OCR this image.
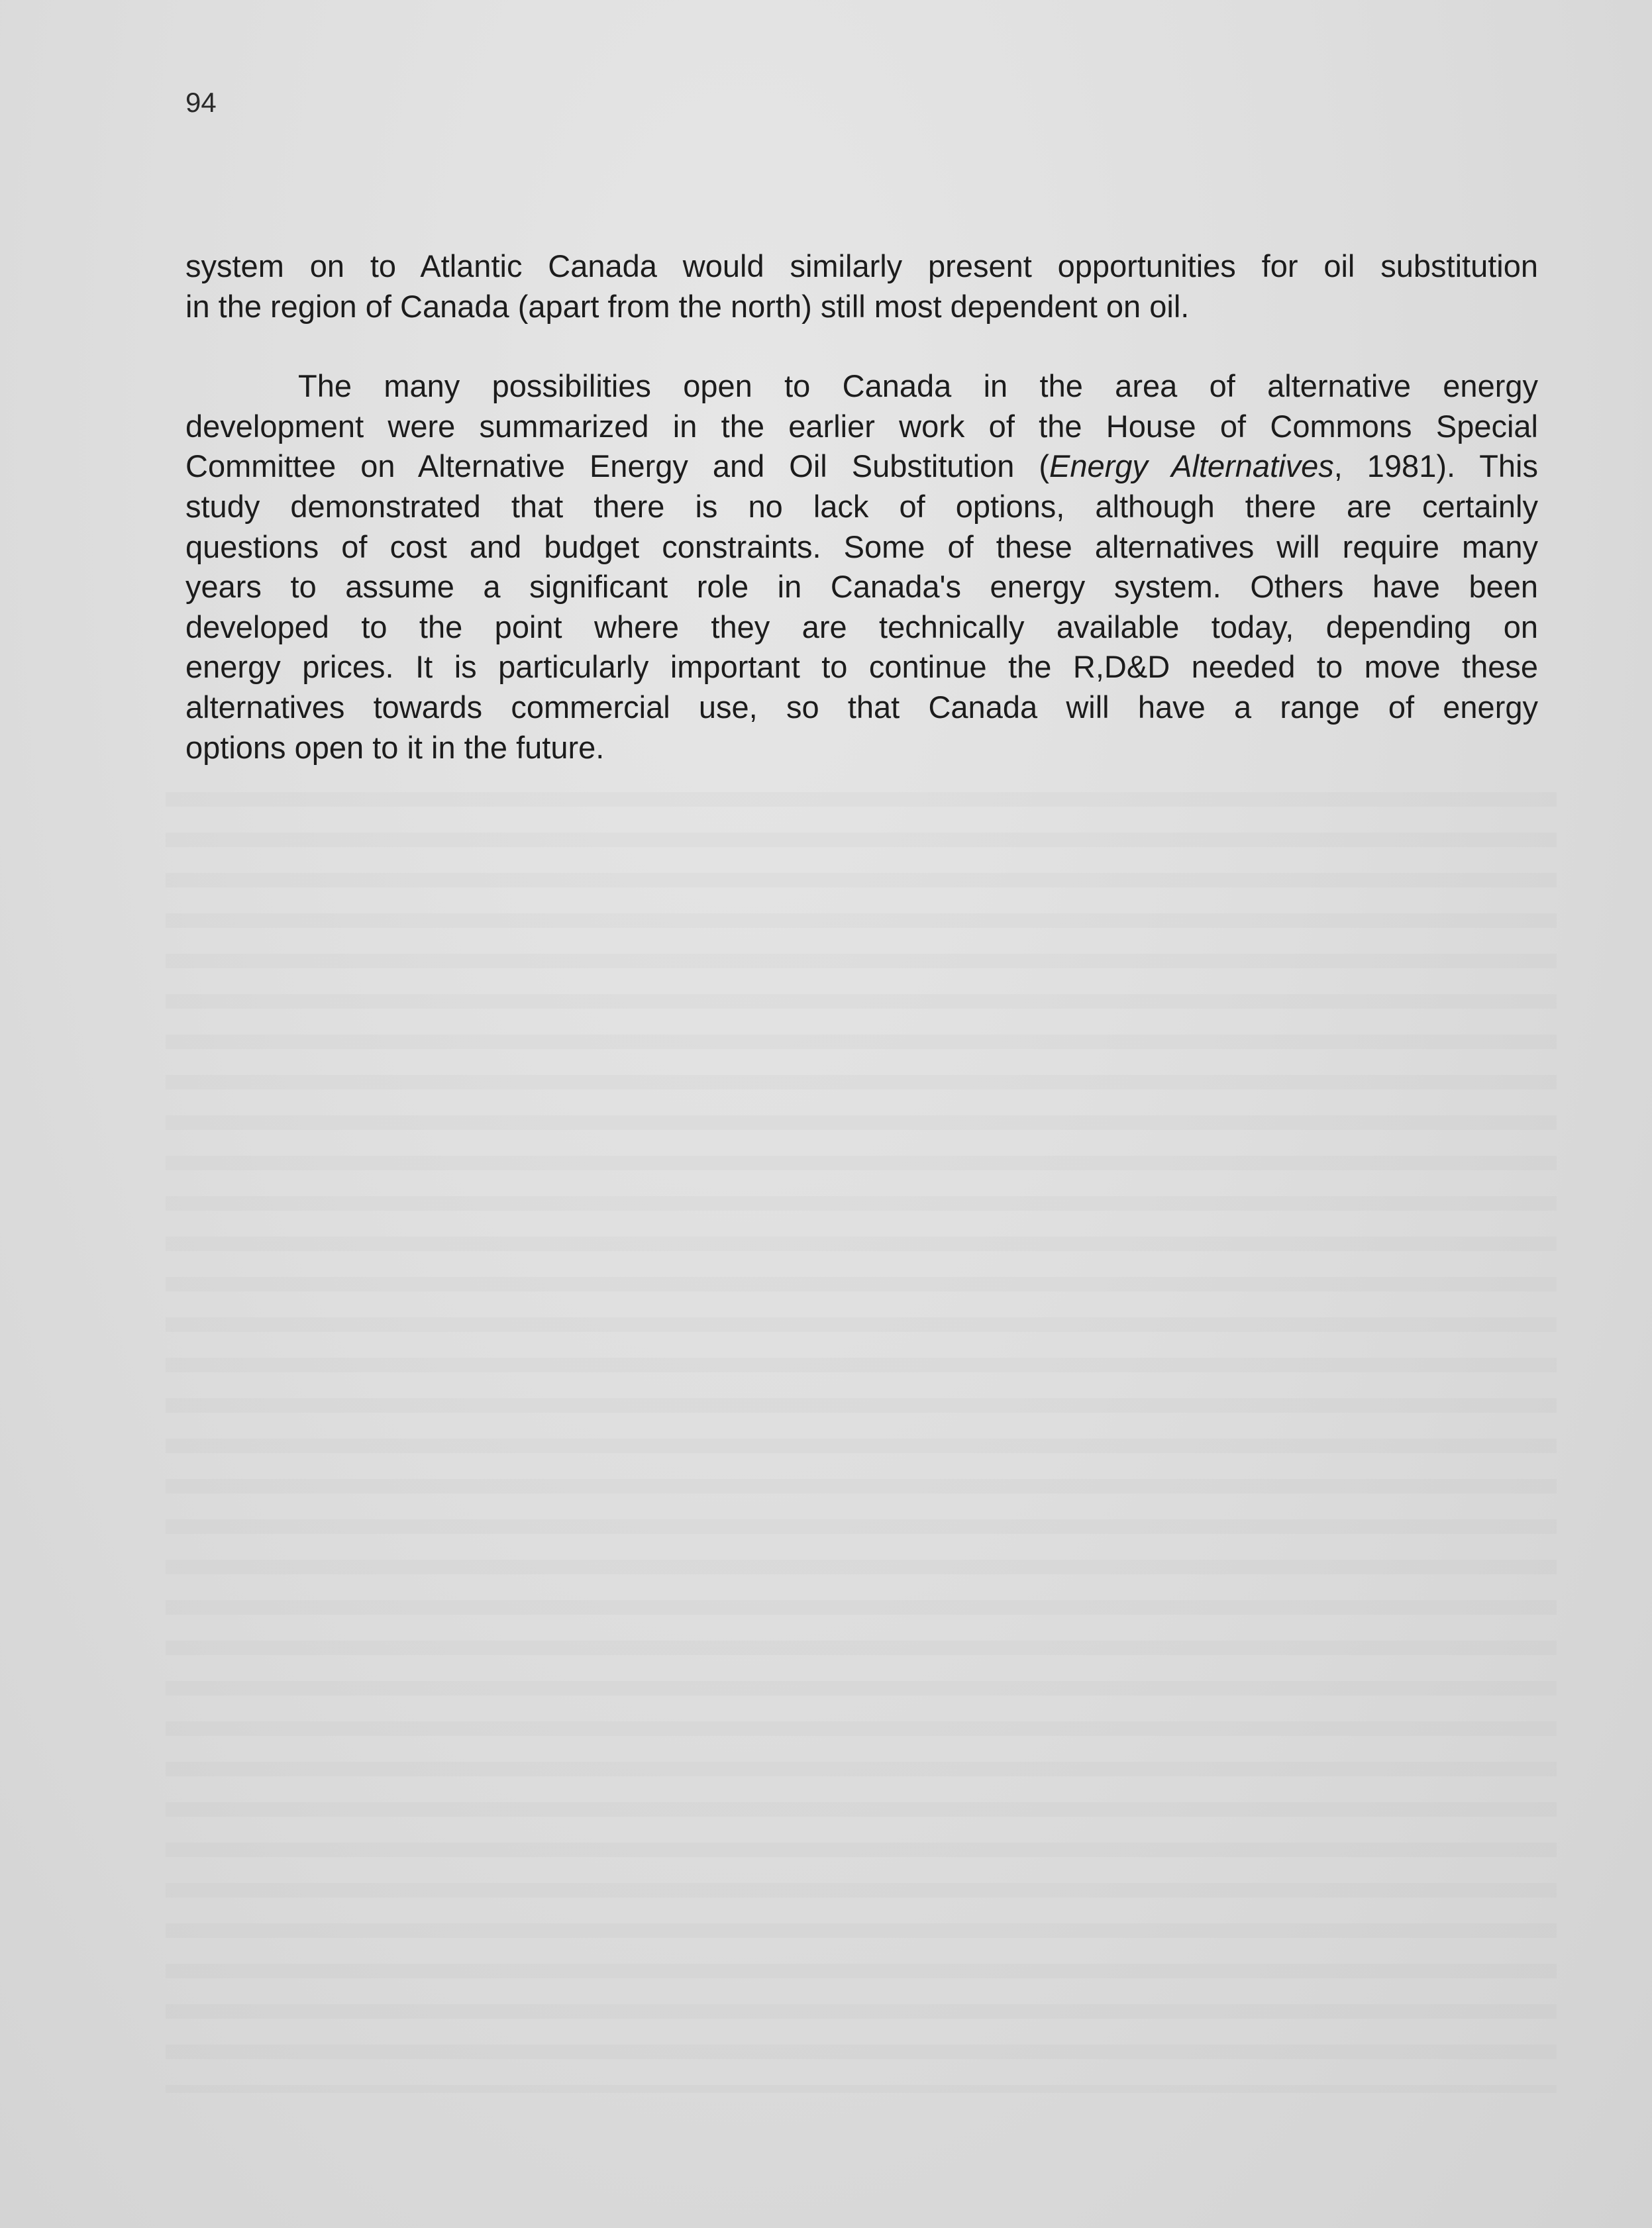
94
system on to Atlantic Canada would similarly present opportunities for oil substitution
in the region of Canada (apart from the north) still most dependent on oil.
The many possibilities open to Canada in the area of alternative energy
development were summarized in the earlier work of the House of Commons Special
Committee on Alternative Energy and Oil Substitution (Energy Alternatives, 1981). This
study demonstrated that there is no lack of options, although there are certainly
questions of cost and budget constraints. Some of these alternatives will require many
years to assume a significant role in Canada's energy system. Others have been
developed to the point where they are technically available today, depending on
energy prices. It is particularly important to continue the R,D&D needed to move these
alternatives towards commercial use, so that Canada will have a range of energy
options open to it in the future.
